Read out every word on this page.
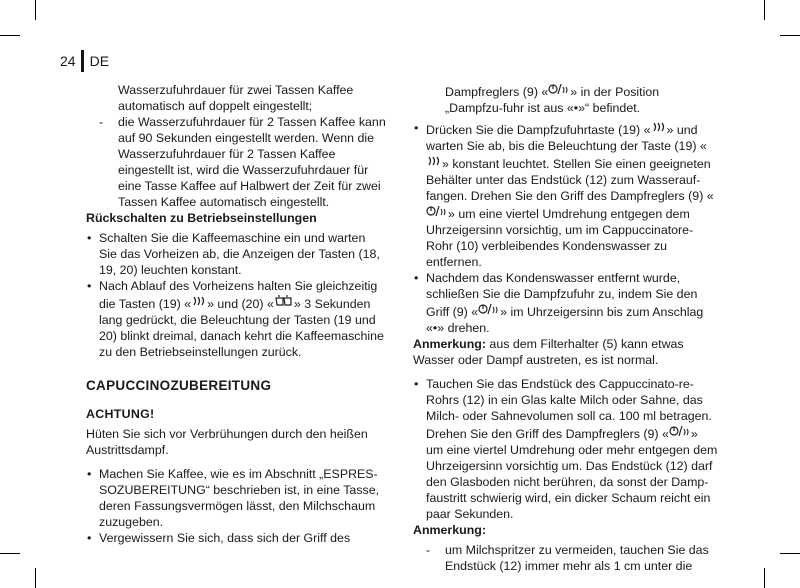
24 DE

Wasserzufuhrdauer für zwei Tassen Kaffee automatisch auf doppelt eingestellt;

- die Wasserzufuhrdauer für 2 Tassen Kaffee kann auf 90 Sekunden eingestellt werden. Wenn die Wasserzufuhrdauer für 2 Tassen Kaffee eingestellt ist, wird die Wasserzufuhrdauer für eine Tasse Kaffee auf Halbwert der Zeit für zwei Tassen Kaffee automatisch eingestellt.

Rückschalten zu Betriebseinstellungen

• Schalten Sie die Kaffeemaschine ein und warten Sie das Vorheizen ab, die Anzeigen der Tasten (18, 19, 20) leuchten konstant.

• Nach Ablauf des Vorheizens halten Sie gleichzeitig die Tasten (19) « » und (20) « » 3 Sekunden lang gedrückt, die Beleuchtung der Tasten (19 und 20) blinkt dreimal, danach kehrt die Kaffeemaschine zu den Betriebseinstellungen zurück.

CAPUCCINOZUBEREITUNG

ACHTUNG!

Hüten Sie sich vor Verbrühungen durch den heißen Austrittsdampf.

• Machen Sie Kaffee, wie es im Abschnitt „ESPRES-SOZUBEREITUNG“ beschrieben ist, in eine Tasse, deren Fassungsvermögen lässt, den Milchschaum zuzugeben.

• Vergewissern Sie sich, dass sich der Griff des

Dampfreglers (9) « » in der Position „Dampfzu-fuhr ist aus «•»“ befindet.

• Drücken Sie die Dampfzufuhrtaste (19) « » und warten Sie ab, bis die Beleuchtung der Taste (19) «» konstant leuchtet. Stellen Sie einen geeigneten Behälter unter das Endstück (12) zum Wasserauf-fangen. Drehen Sie den Griff des Dampfreglers (9) «» um eine viertel Umdrehung entgegen dem Uhrzeigersinn vorsichtig, um im Cappuccinatore-Rohr (10) verbleibendes Kondenswasser zu entfernen.

• Nachdem das Kondenswasser entfernt wurde, schließen Sie die Dampfzufuhr zu, indem Sie den Griff (9) « » im Uhrzeigersinn bis zum Anschlag «•» drehen.

Anmerkung: aus dem Filterhalter (5) kann etwas Wasser oder Dampf austreten, es ist normal.

• Tauchen Sie das Endstück des Cappuccinato-re-Rohrs (12) in ein Glas kalte Milch oder Sahne, das Milch- oder Sahnevolumen soll ca. 100 ml betragen. Drehen Sie den Griff des Dampfreglers (9) « » um eine viertel Umdrehung oder mehr entgegen dem Uhrzeigersinn vorsichtig um. Das Endstück (12) darf den Glasboden nicht berühren, da sonst der Damp-faustritt schwierig wird, ein dicker Schaum reicht ein paar Sekunden.

Anmerkung:

- um Milchspritzer zu vermeiden, tauchen Sie das Endstück (12) immer mehr als 1 cm unter die
